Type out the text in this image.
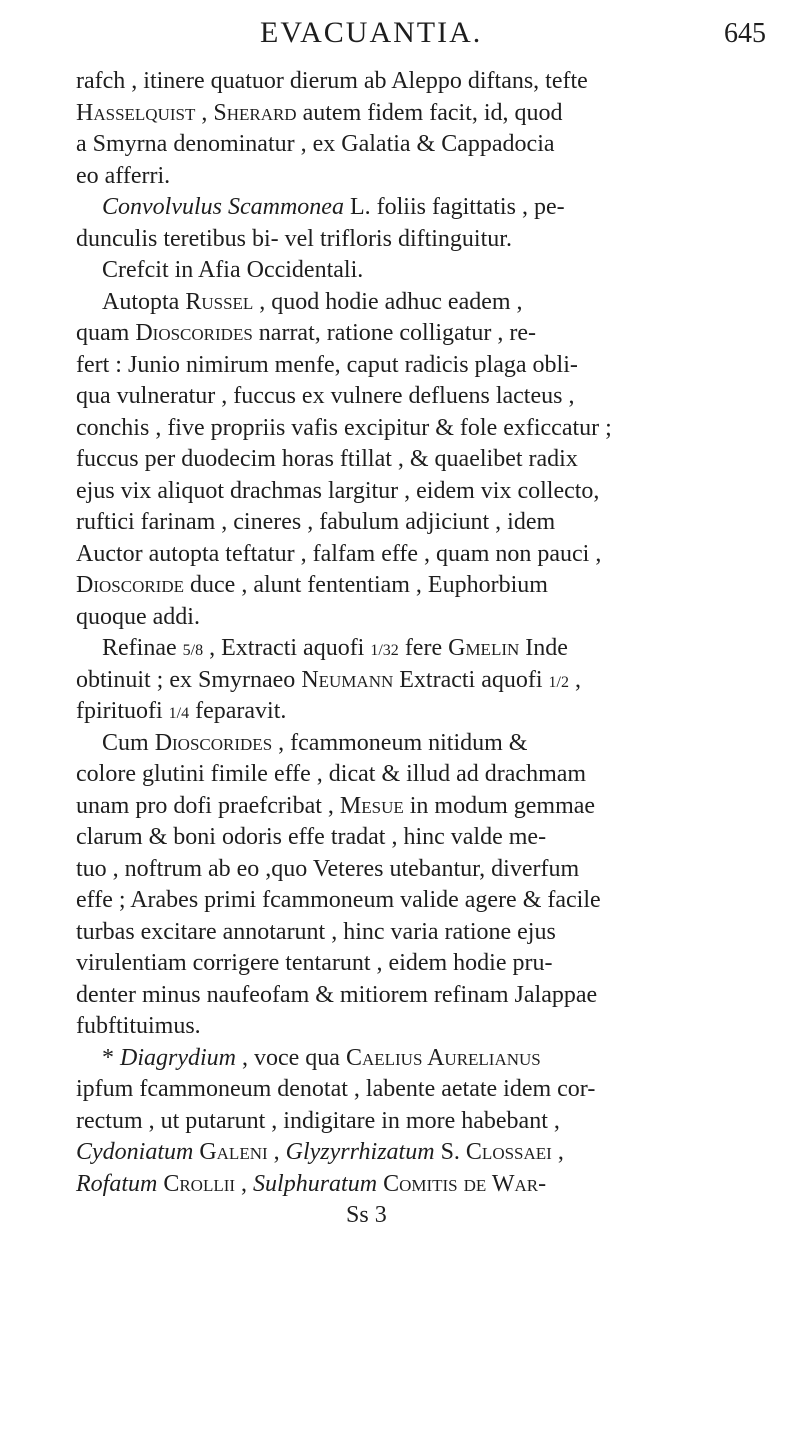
EVACUANTIA.	645
rafch , itinere quatuor dierum ab Aleppo diftans, tefte
Hasselquist , Sherard autem fidem facit, id, quod
a Smyrna denominatur , ex Galatia & Cappadocia
eo afferri.
Convolvulus Scammonea L. foliis fagittatis , pe-
dunculis teretibus bi- vel trifloris diftinguitur.
Crefcit in Afia Occidentali.
Autopta Russel , quod hodie adhuc eadem ,
quam Dioscorides narrat, ratione colligatur , re-
fert : Junio nimirum menfe, caput radicis plaga obli-
qua vulneratur , fuccus ex vulnere defluens lacteus ,
conchis , five propriis vafis excipitur & fole exficcatur ;
fuccus per duodecim horas ftillat , & quaelibet radix
ejus vix aliquot drachmas largitur , eidem vix collecto,
ruftici farinam , cineres , fabulum adjiciunt , idem
Auctor autopta teftatur , falfam effe , quam non pauci ,
Dioscoride duce , alunt fententiam , Euphorbium
quoque addi.
Refinae 5/8 , Extracti aquofi 1/32 fere Gmelin Inde
obtinuit ; ex Smyrnaeo Neumann Extracti aquofi 1/2 ,
fpirituofi 1/4 feparavit.
Cum Dioscorides , fcammoneum nitidum &
colore glutini fimile effe , dicat & illud ad drachmam
unam pro dofi praefcribat , Mesue in modum gemmae
clarum & boni odoris effe tradat , hinc valde me-
tuo , noftrum ab eo ,quo Veteres utebantur, diverfum
effe ; Arabes primi fcammoneum valide agere & facile
turbas excitare annotarunt , hinc varia ratione ejus
virulentiam corrigere tentarunt , eidem hodie pru-
denter minus naufeofam & mitiorem refinam Jalappae
fubftituimus.
* Diagrydium , voce qua Caelius Aurelianus
ipfum fcammoneum denotat , labente aetate idem cor-
rectum , ut putarunt , indigitare in more habebant ,
Cydoniatum Galeni , Glyzyrrhizatum S. Clossaei ,
Rofatum Crollii , Sulphuratum Comitis de War-
Ss 3
